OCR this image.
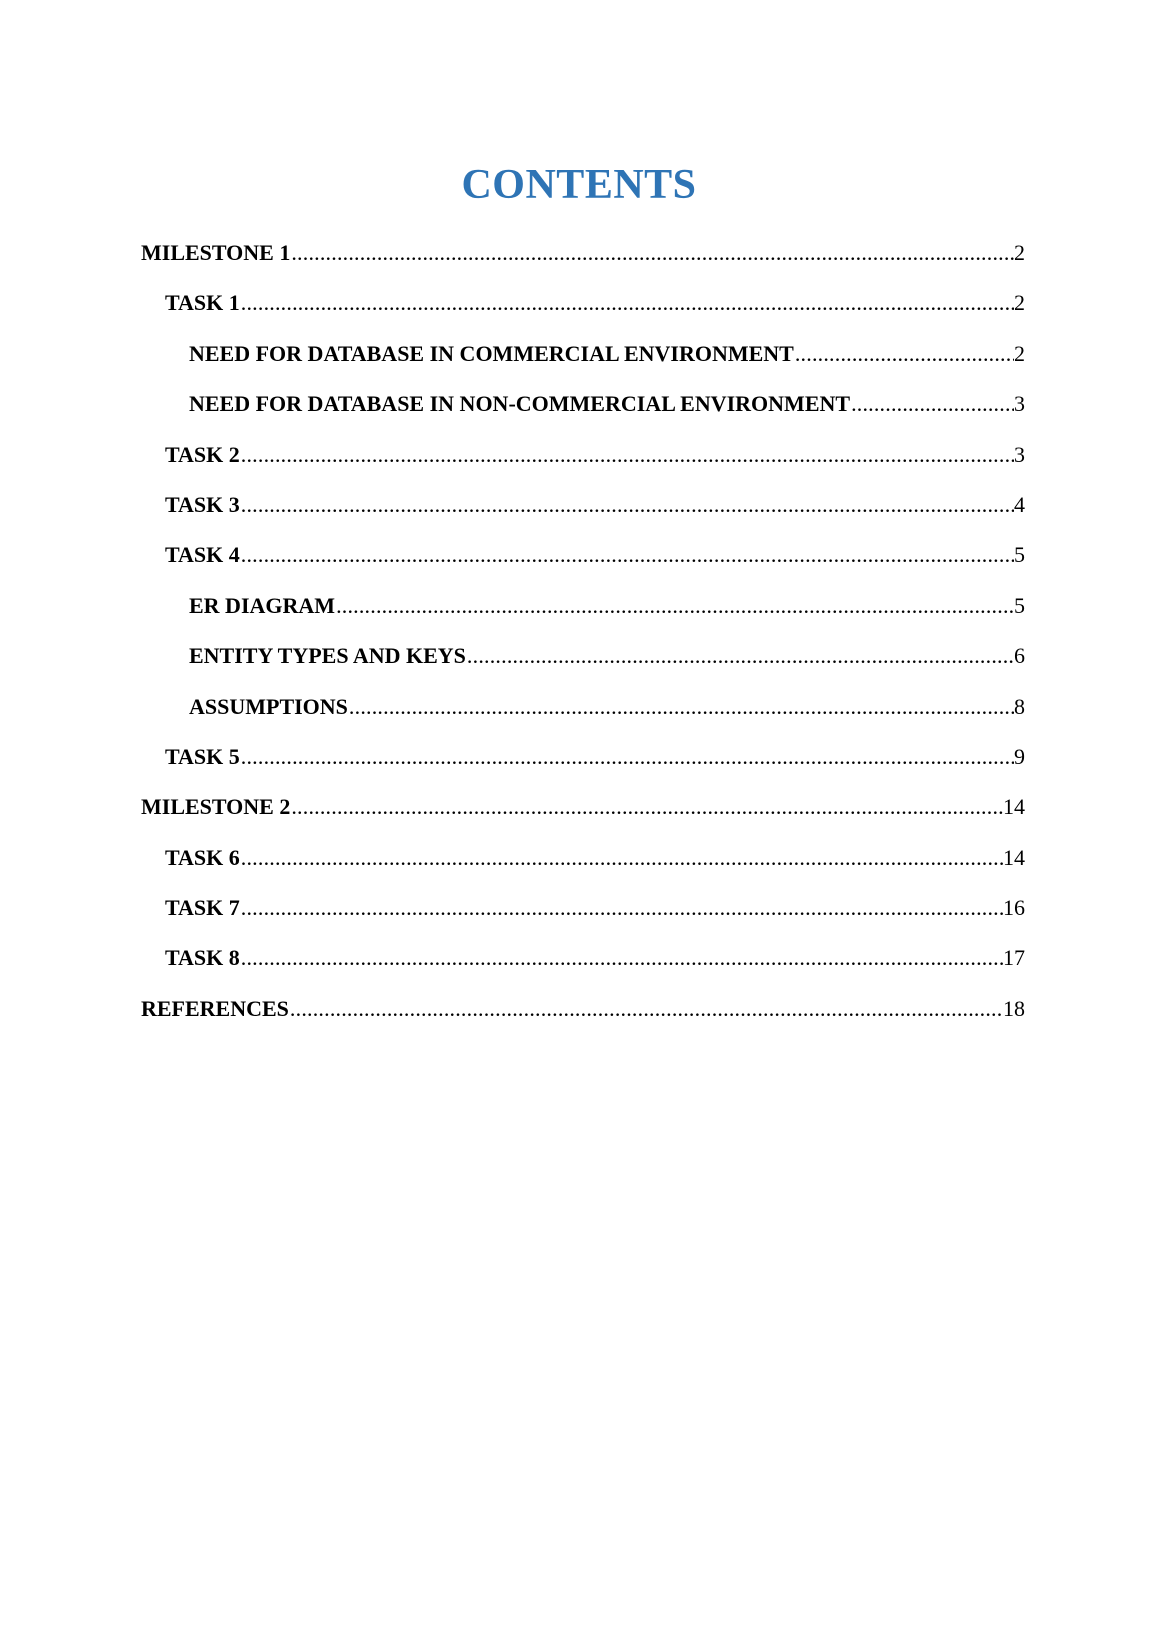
CONTENTS
MILESTONE 1 .....	2
TASK 1 .....	2
NEED FOR DATABASE IN COMMERCIAL ENVIRONMENT .....	2
NEED FOR DATABASE IN NON-COMMERCIAL ENVIRONMENT .....	3
TASK 2 .....	3
TASK 3 .....	4
TASK 4 .....	5
ER DIAGRAM .....	5
ENTITY TYPES AND KEYS .....	6
ASSUMPTIONS .....	8
TASK 5 .....	9
MILESTONE 2 .....	14
TASK 6 .....	14
TASK 7 .....	16
TASK 8 .....	17
REFERENCES .....	18
